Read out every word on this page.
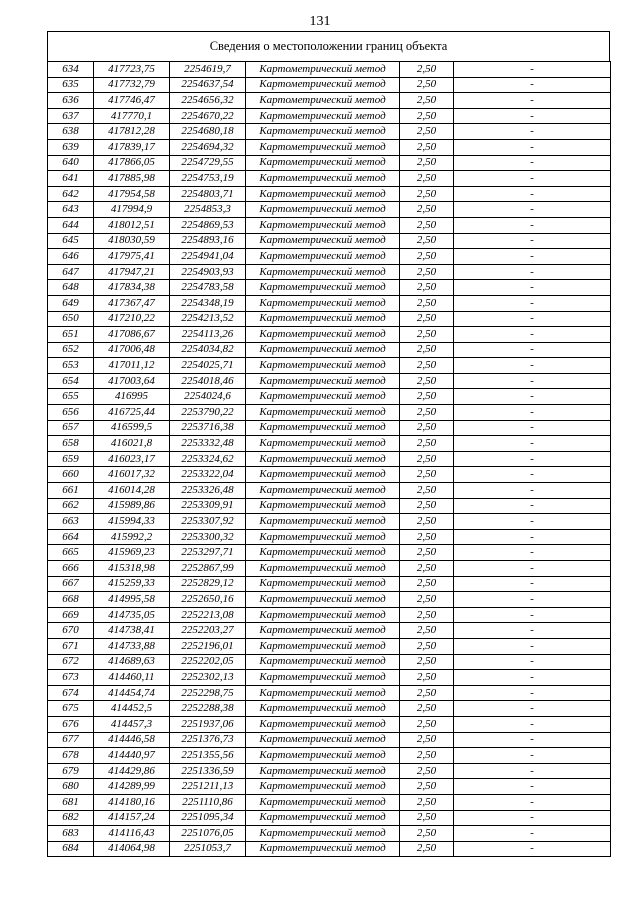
131
Сведения о местоположении границ объекта
634	417723,75	2254619,7	Картометрический метод	2,50	-
635	417732,79	2254637,54	Картометрический метод	2,50	-
636	417746,47	2254656,32	Картометрический метод	2,50	-
637	417770,1	2254670,22	Картометрический метод	2,50	-
638	417812,28	2254680,18	Картометрический метод	2,50	-
639	417839,17	2254694,32	Картометрический метод	2,50	-
640	417866,05	2254729,55	Картометрический метод	2,50	-
641	417885,98	2254753,19	Картометрический метод	2,50	-
642	417954,58	2254803,71	Картометрический метод	2,50	-
643	417994,9	2254853,3	Картометрический метод	2,50	-
644	418012,51	2254869,53	Картометрический метод	2,50	-
645	418030,59	2254893,16	Картометрический метод	2,50	-
646	417975,41	2254941,04	Картометрический метод	2,50	-
647	417947,21	2254903,93	Картометрический метод	2,50	-
648	417834,38	2254783,58	Картометрический метод	2,50	-
649	417367,47	2254348,19	Картометрический метод	2,50	-
650	417210,22	2254213,52	Картометрический метод	2,50	-
651	417086,67	2254113,26	Картометрический метод	2,50	-
652	417006,48	2254034,82	Картометрический метод	2,50	-
653	417011,12	2254025,71	Картометрический метод	2,50	-
654	417003,64	2254018,46	Картометрический метод	2,50	-
655	416995	2254024,6	Картометрический метод	2,50	-
656	416725,44	2253790,22	Картометрический метод	2,50	-
657	416599,5	2253716,38	Картометрический метод	2,50	-
658	416021,8	2253332,48	Картометрический метод	2,50	-
659	416023,17	2253324,62	Картометрический метод	2,50	-
660	416017,32	2253322,04	Картометрический метод	2,50	-
661	416014,28	2253326,48	Картометрический метод	2,50	-
662	415989,86	2253309,91	Картометрический метод	2,50	-
663	415994,33	2253307,92	Картометрический метод	2,50	-
664	415992,2	2253300,32	Картометрический метод	2,50	-
665	415969,23	2253297,71	Картометрический метод	2,50	-
666	415318,98	2252867,99	Картометрический метод	2,50	-
667	415259,33	2252829,12	Картометрический метод	2,50	-
668	414995,58	2252650,16	Картометрический метод	2,50	-
669	414735,05	2252213,08	Картометрический метод	2,50	-
670	414738,41	2252203,27	Картометрический метод	2,50	-
671	414733,88	2252196,01	Картометрический метод	2,50	-
672	414689,63	2252202,05	Картометрический метод	2,50	-
673	414460,11	2252302,13	Картометрический метод	2,50	-
674	414454,74	2252298,75	Картометрический метод	2,50	-
675	414452,5	2252288,38	Картометрический метод	2,50	-
676	414457,3	2251937,06	Картометрический метод	2,50	-
677	414446,58	2251376,73	Картометрический метод	2,50	-
678	414440,97	2251355,56	Картометрический метод	2,50	-
679	414429,86	2251336,59	Картометрический метод	2,50	-
680	414289,99	2251211,13	Картометрический метод	2,50	-
681	414180,16	2251110,86	Картометрический метод	2,50	-
682	414157,24	2251095,34	Картометрический метод	2,50	-
683	414116,43	2251076,05	Картометрический метод	2,50	-
684	414064,98	2251053,7	Картометрический метод	2,50	-
